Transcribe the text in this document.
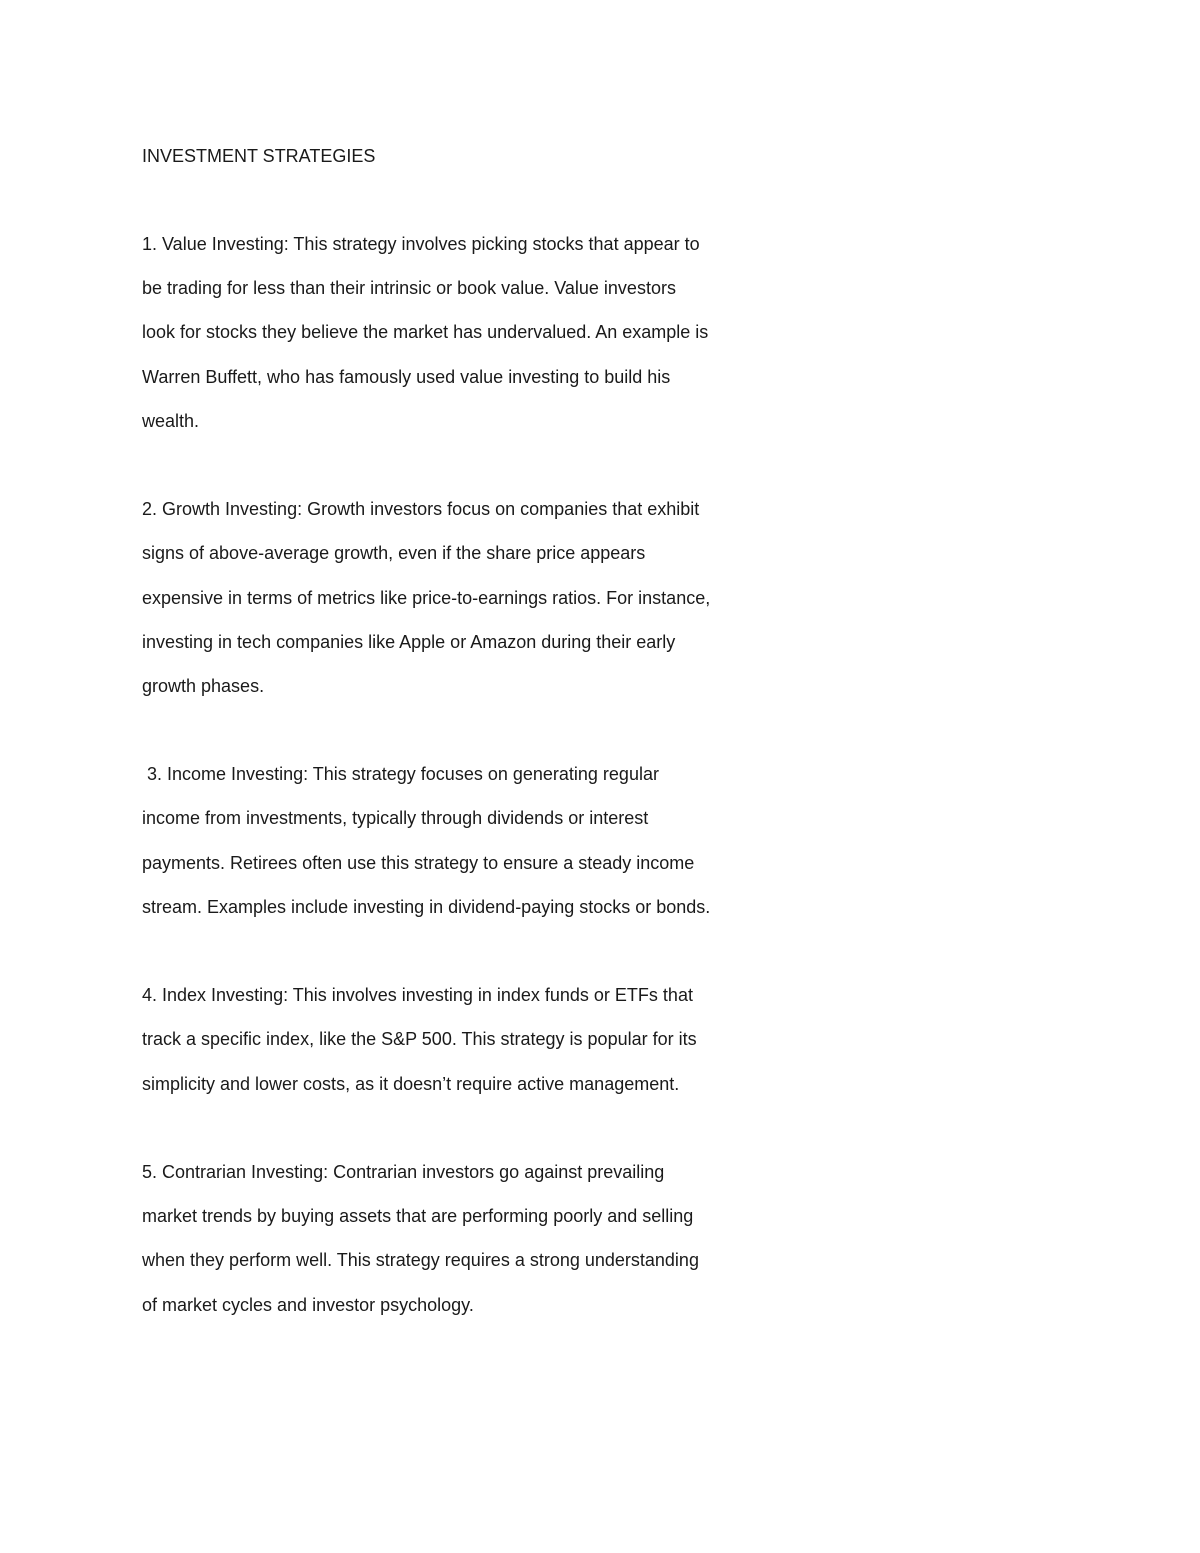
INVESTMENT STRATEGIES
1. Value Investing: This strategy involves picking stocks that appear to
be trading for less than their intrinsic or book value. Value investors
look for stocks they believe the market has undervalued. An example is
Warren Buffett, who has famously used value investing to build his
wealth.
2. Growth Investing: Growth investors focus on companies that exhibit
signs of above-average growth, even if the share price appears
expensive in terms of metrics like price-to-earnings ratios. For instance,
investing in tech companies like Apple or Amazon during their early
growth phases.
3. Income Investing: This strategy focuses on generating regular
income from investments, typically through dividends or interest
payments. Retirees often use this strategy to ensure a steady income
stream. Examples include investing in dividend-paying stocks or bonds.
4. Index Investing: This involves investing in index funds or ETFs that
track a specific index, like the S&P 500. This strategy is popular for its
simplicity and lower costs, as it doesn’t require active management.
5. Contrarian Investing: Contrarian investors go against prevailing
market trends by buying assets that are performing poorly and selling
when they perform well. This strategy requires a strong understanding
of market cycles and investor psychology.
